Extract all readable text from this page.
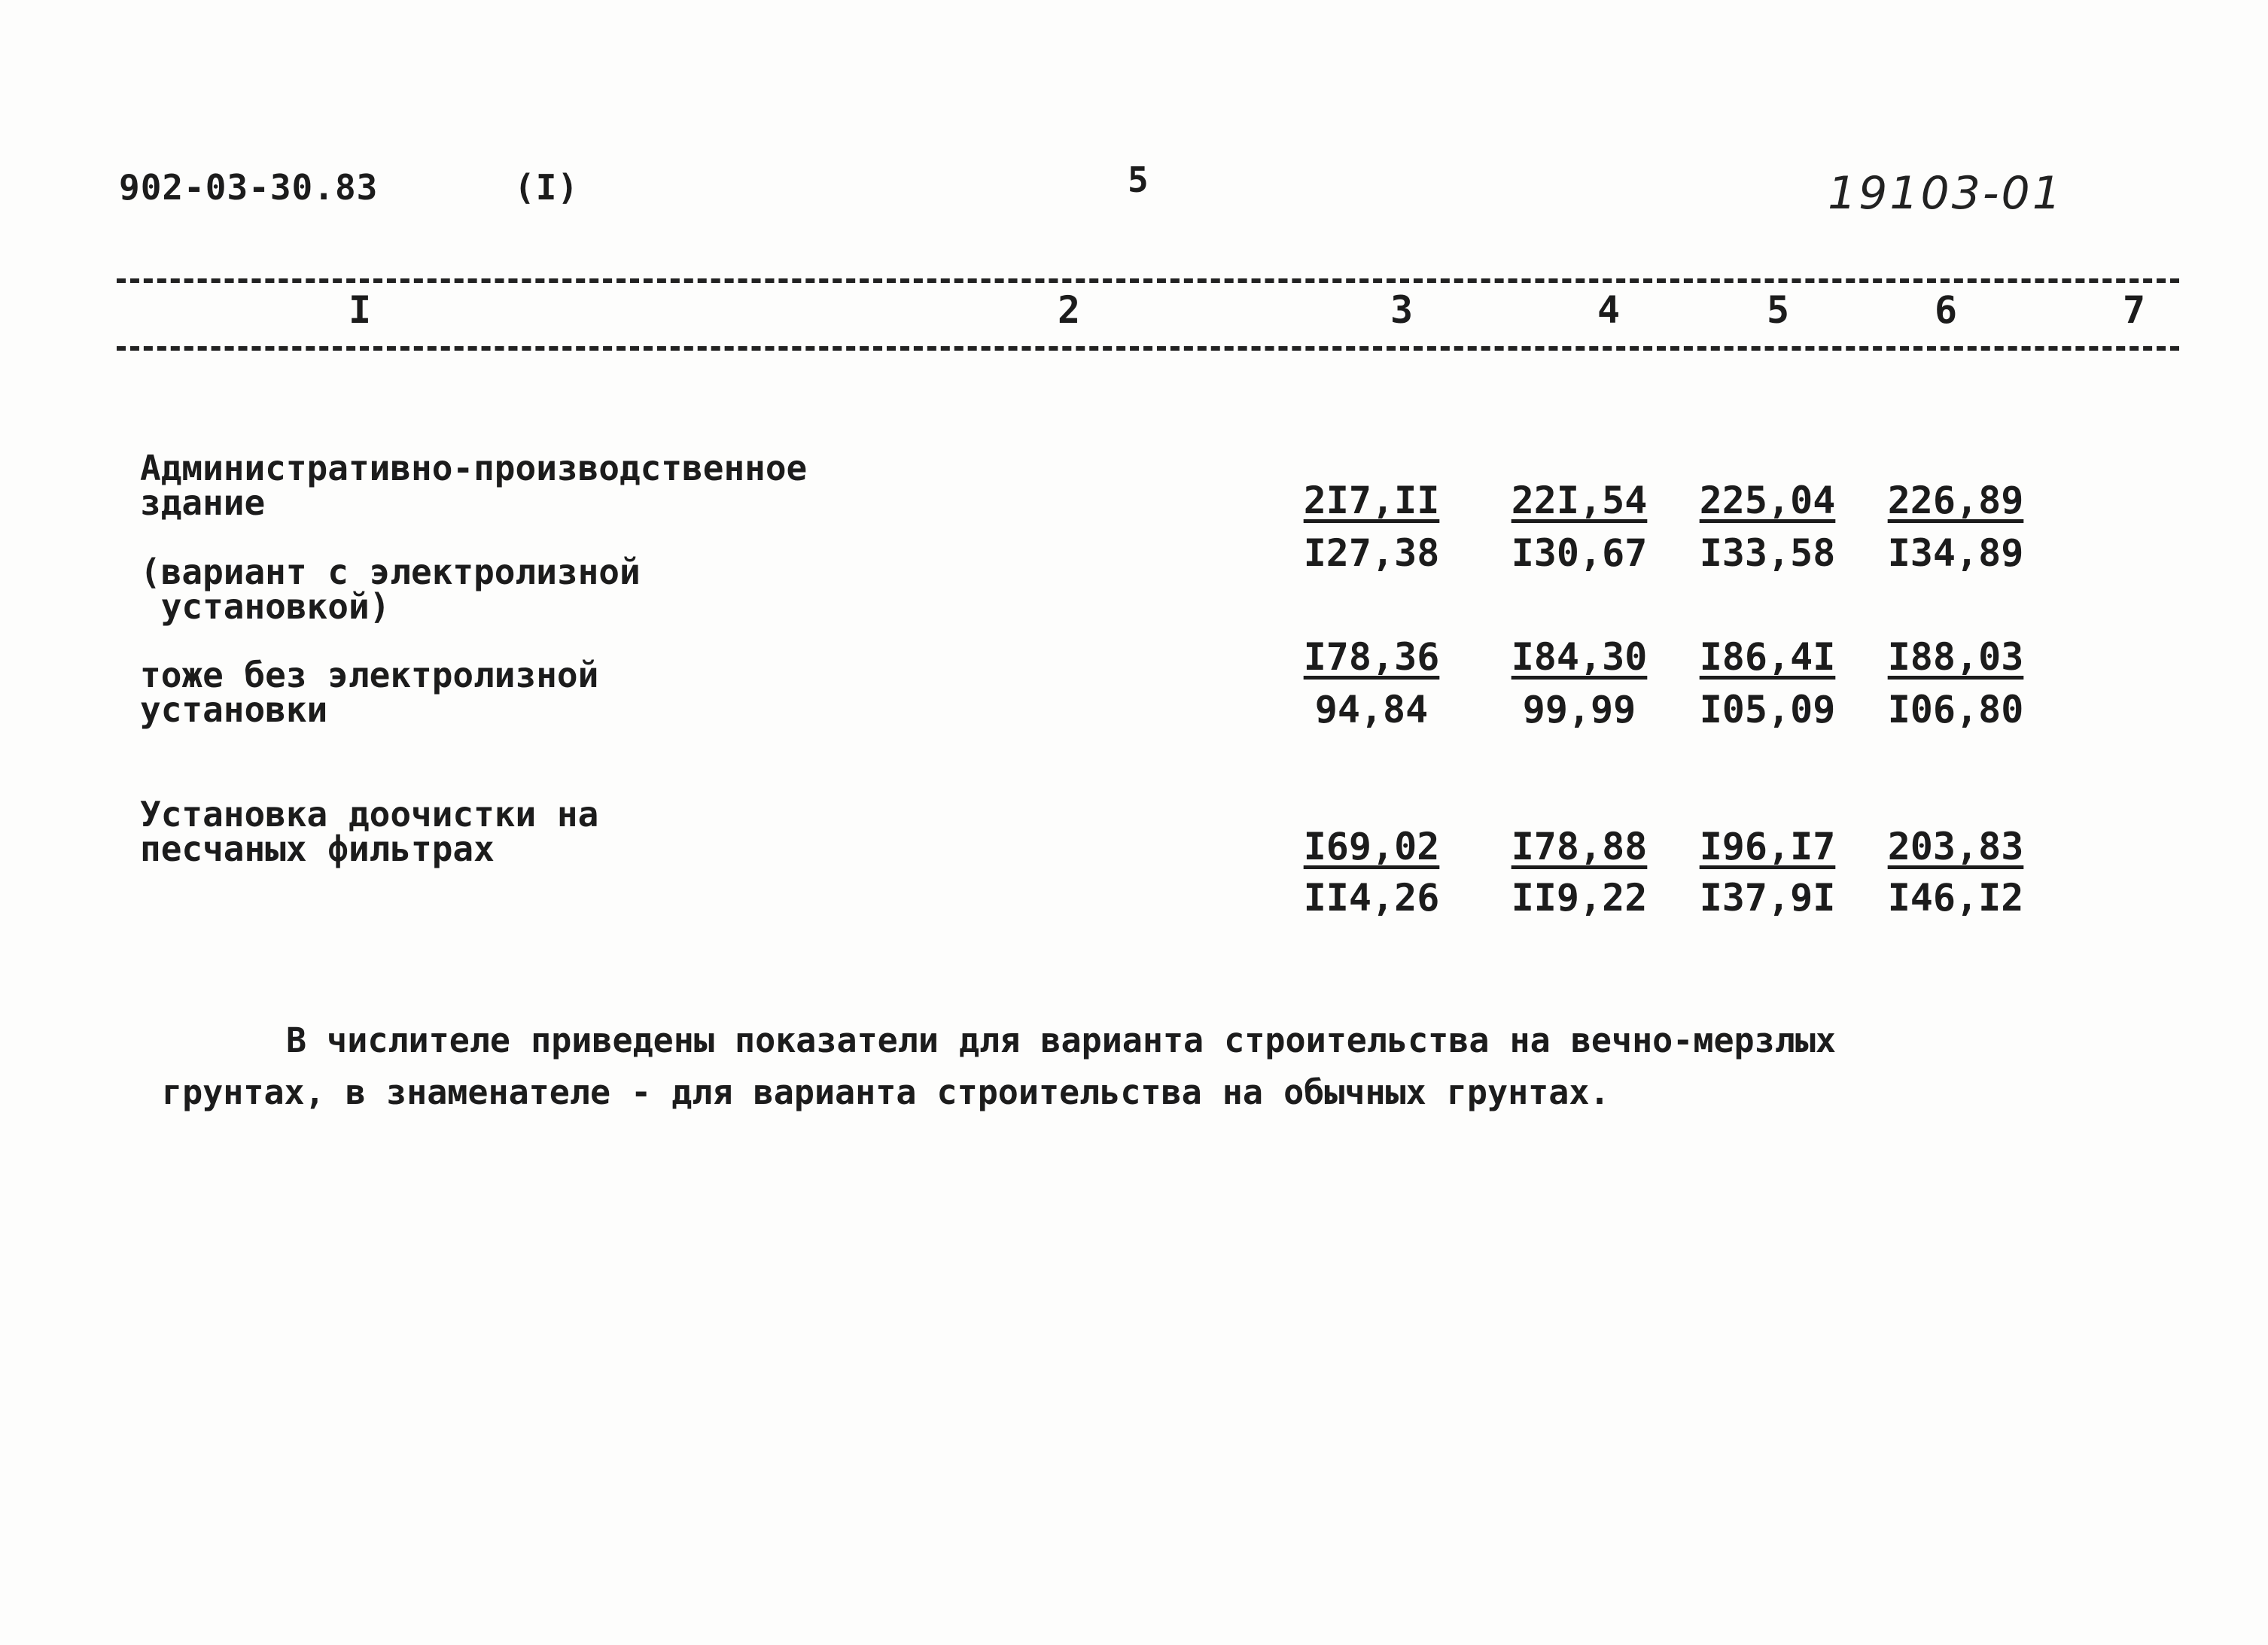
902-03-30.83	(I)	5	19103-01
I	2	3	4	5	6	7
Административно-производственное
здание	2I7,II 22I,54 225,04 226,89
I27,38 I30,67 I33,58 I34,89
(вариант с электролизной
установкой)
тоже без электролизной
установки
I78,36 I84,30 I86,4I I88,03
94,84	99,99 I05,09 I06,80
Установка доочистки на
песчаных фильтрах	I69,02 I78,88 I96,I7 203,83
II4,26 II9,22 I37,9I I46,I2
В числителе приведены показатели для варианта строительства на вечно-мерзлых
грунтах, в знаменателе - для варианта строительства на обычных грунтах.
